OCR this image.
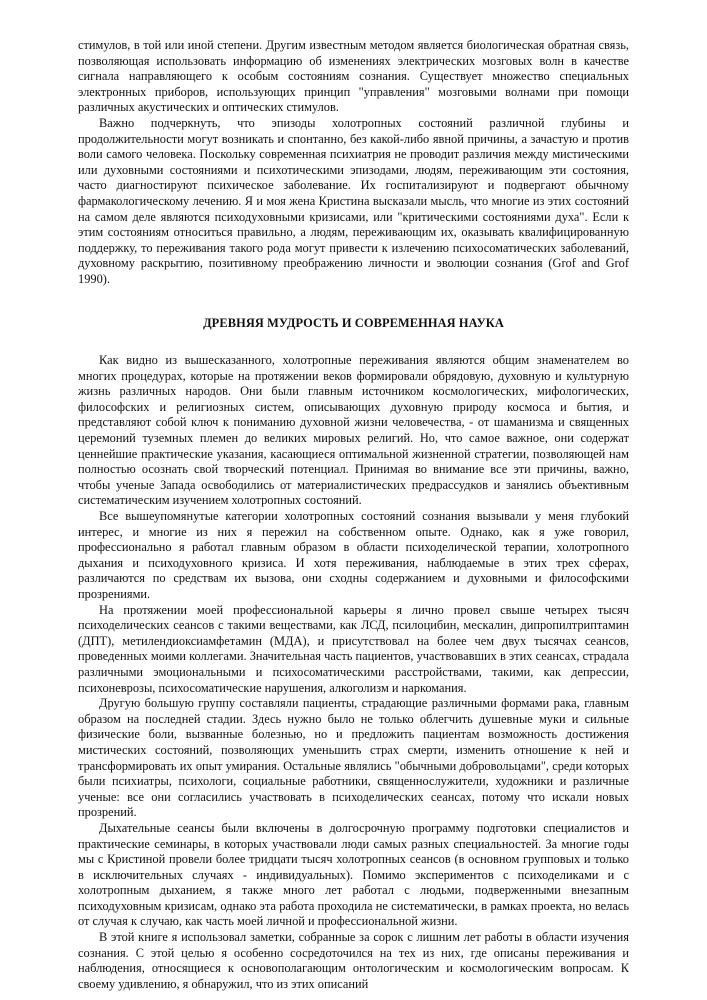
стимулов, в той или иной степени. Другим известным методом является биологическая обратная связь, позволяющая использовать информацию об изменениях электрических мозговых волн в качестве сигнала направляющего к особым состояниям сознания. Существует множество специальных электронных приборов, использующих принцип "управления" мозговыми волнами при помощи различных акустических и оптических стимулов.

Важно подчеркнуть, что эпизоды холотропных состояний различной глубины и продолжительности могут возникать и спонтанно, без какой-либо явной причины, а зачастую и против воли самого человека. Поскольку современная психиатрия не проводит различия между мистическими или духовными состояниями и психотическими эпизодами, людям, переживающим эти состояния, часто диагностируют психическое заболевание. Их госпитализируют и подвергают обычному фармакологическому лечению. Я и моя жена Кристина высказали мысль, что многие из этих состояний на самом деле являются психодуховными кризисами, или "критическими состояниями духа". Если к этим состояниям относиться правильно, а людям, переживающим их, оказывать квалифицированную поддержку, то переживания такого рода могут привести к излечению психосоматических заболеваний, духовному раскрытию, позитивному преображению личности и эволюции сознания (Grof and Grof 1990).

ДРЕВНЯЯ МУДРОСТЬ И СОВРЕМЕННАЯ НАУКА

Как видно из вышесказанного, холотропные переживания являются общим знаменателем во многих процедурах, которые на протяжении веков формировали обрядовую, духовную и культурную жизнь различных народов. Они были главным источником космологических, мифологических, философских и религиозных систем, описывающих духовную природу космоса и бытия, и представляют собой ключ к пониманию духовной жизни человечества, - от шаманизма и священных церемоний туземных племен до великих мировых религий. Но, что самое важное, они содержат ценнейшие практические указания, касающиеся оптимальной жизненной стратегии, позволяющей нам полностью осознать свой творческий потенциал. Принимая во внимание все эти причины, важно, чтобы ученые Запада освободились от материалистических предрассудков и занялись объективным систематическим изучением холотропных состояний.

Все вышеупомянутые категории холотропных состояний сознания вызывали у меня глубокий интерес, и многие из них я пережил на собственном опыте. Однако, как я уже говорил, профессионально я работал главным образом в области психоделической терапии, холотропного дыхания и психодуховного кризиса. И хотя переживания, наблюдаемые в этих трех сферах, различаются по средствам их вызова, они сходны содержанием и духовными и философскими прозрениями.

На протяжении моей профессиональной карьеры я лично провел свыше четырех тысяч психоделических сеансов с такими веществами, как ЛСД, псилоцибин, мескалин, дипропилтриптамин (ДПТ), метилендиоксиамфетамин (МДА), и присутствовал на более чем двух тысячах сеансов, проведенных моими коллегами. Значительная часть пациентов, участвовавших в этих сеансах, страдала различными эмоциональными и психосоматическими расстройствами, такими, как депрессии, психоневрозы, психосоматические нарушения, алкоголизм и наркомания.

Другую большую группу составляли пациенты, страдающие различными формами рака, главным образом на последней стадии. Здесь нужно было не только облегчить душевные муки и сильные физические боли, вызванные болезнью, но и предложить пациентам возможность достижения мистических состояний, позволяющих уменьшить страх смерти, изменить отношение к ней и трансформировать их опыт умирания. Остальные являлись "обычными добровольцами", среди которых были психиатры, психологи, социальные работники, священнослужители, художники и различные ученые: все они согласились участвовать в психоделических сеансах, потому что искали новых прозрений.

Дыхательные сеансы были включены в долгосрочную программу подготовки специалистов и практические семинары, в которых участвовали люди самых разных специальностей. За многие годы мы с Кристиной провели более тридцати тысяч холотропных сеансов (в основном групповых и только в исключительных случаях - индивидуальных). Помимо экспериментов с психоделиками и с холотропным дыханием, я также много лет работал с людьми, подверженными внезапным психодуховным кризисам, однако эта работа проходила не систематически, в рамках проекта, но велась от случая к случаю, как часть моей личной и профессиональной жизни.

В этой книге я использовал заметки, собранные за сорок с лишним лет работы в области изучения сознания. С этой целью я особенно сосредоточился на тех из них, где описаны переживания и наблюдения, относящиеся к основополагающим онтологическим и космологическим вопросам. К своему удивлению, я обнаружил, что из этих описаний
